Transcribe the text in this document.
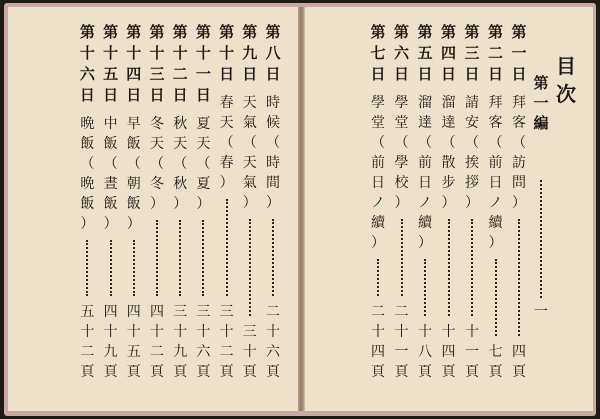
目
次
第
一
編
一
第
一
日
拜
客
（
訪
問
）
四
頁
第
二
日
拜
客
（
前
日
ノ
續
）
七
頁
第
三
日
請
安
（
挨
拶
）
十
一
頁
第
四
日
溜
達
（
散
步
）
十
四
頁
第
五
日
溜
達
（
前
日
ノ
續
）
十
八
頁
第
六
日
學
堂
（
學
校
）
二
十
一
頁
第
七
日
學
堂
（
前
日
ノ
續
）
二
十
四
頁
第
八
日
時
候
（
時
間
）
二
十
六
頁
第
九
日
天
氣
（
天
氣
）
三
十
頁
第
十
日
春
天
（
春
）
三
十
二
頁
第
十
一
日
夏
天
（
夏
）
三
十
六
頁
第
十
二
日
秋
天
（
秋
）
三
十
九
頁
第
十
三
日
冬
天
（
冬
）
四
十
二
頁
第
十
四
日
早
飯
（
朝
飯
）
四
十
五
頁
第
十
五
日
中
飯
（
晝
飯
）
四
十
九
頁
第
十
六
日
晩
飯
（
晩
飯
）
五
十
二
頁
